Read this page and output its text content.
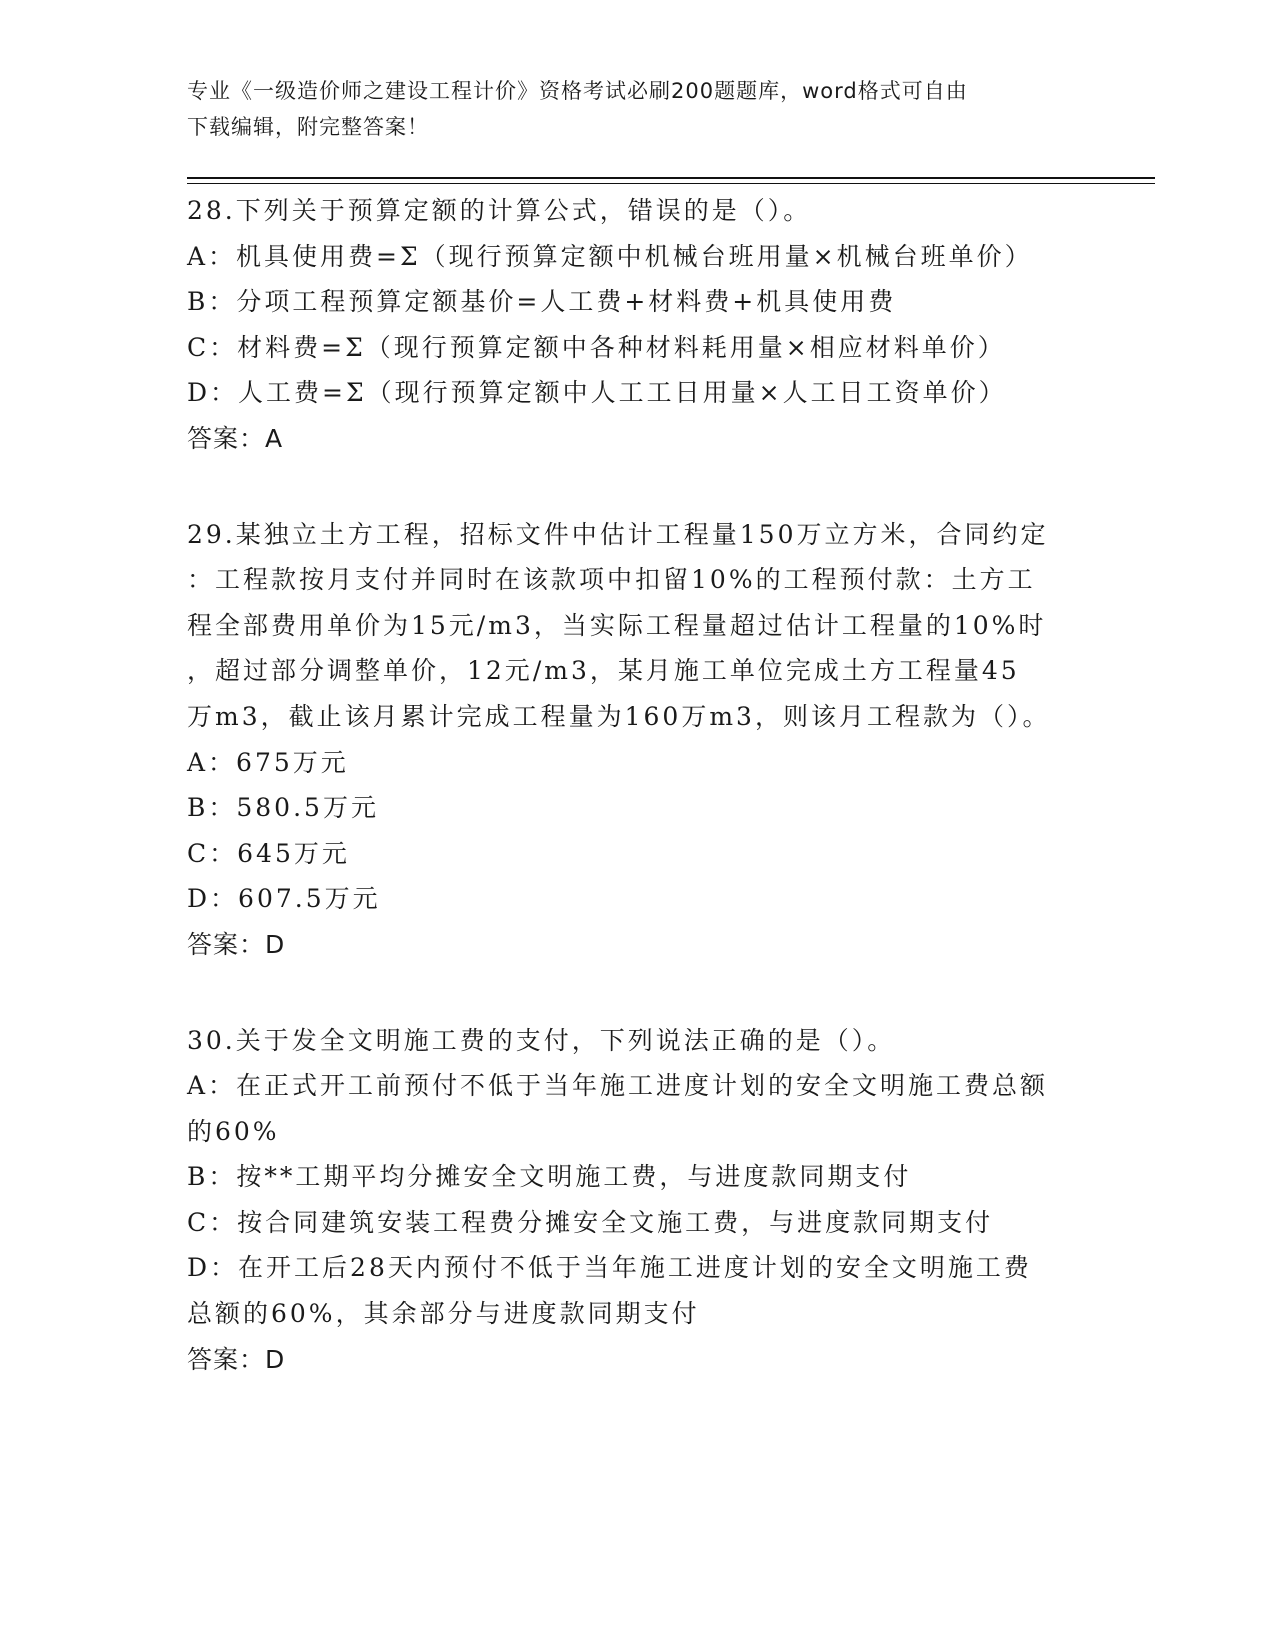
专业《一级造价师之建设工程计价》资格考试必刷200题题库，word格式可自由
下载编辑，附完整答案！
28.下列关于预算定额的计算公式，错误的是（）。
A：机具使用费=Σ（现行预算定额中机械台班用量×机械台班单价）
B：分项工程预算定额基价=人工费+材料费+机具使用费
C：材料费=Σ（现行预算定额中各种材料耗用量×相应材料单价）
D：人工费=Σ（现行预算定额中人工工日用量×人工日工资单价）
答案：A
29.某独立土方工程，招标文件中估计工程量150万立方米，合同约定
：工程款按月支付并同时在该款项中扣留10%的工程预付款：土方工
程全部费用单价为15元/m3，当实际工程量超过估计工程量的10%时
，超过部分调整单价，12元/m3，某月施工单位完成土方工程量45
万m3，截止该月累计完成工程量为160万m3，则该月工程款为（）。
A：675万元
B：580.5万元
C：645万元
D：607.5万元
答案：D
30.关于发全文明施工费的支付，下列说法正确的是（）。
A：在正式开工前预付不低于当年施工进度计划的安全文明施工费总额
的60%
B：按**工期平均分摊安全文明施工费，与进度款同期支付
C：按合同建筑安装工程费分摊安全文施工费，与进度款同期支付
D：在开工后28天内预付不低于当年施工进度计划的安全文明施工费
总额的60%，其余部分与进度款同期支付
答案：D
